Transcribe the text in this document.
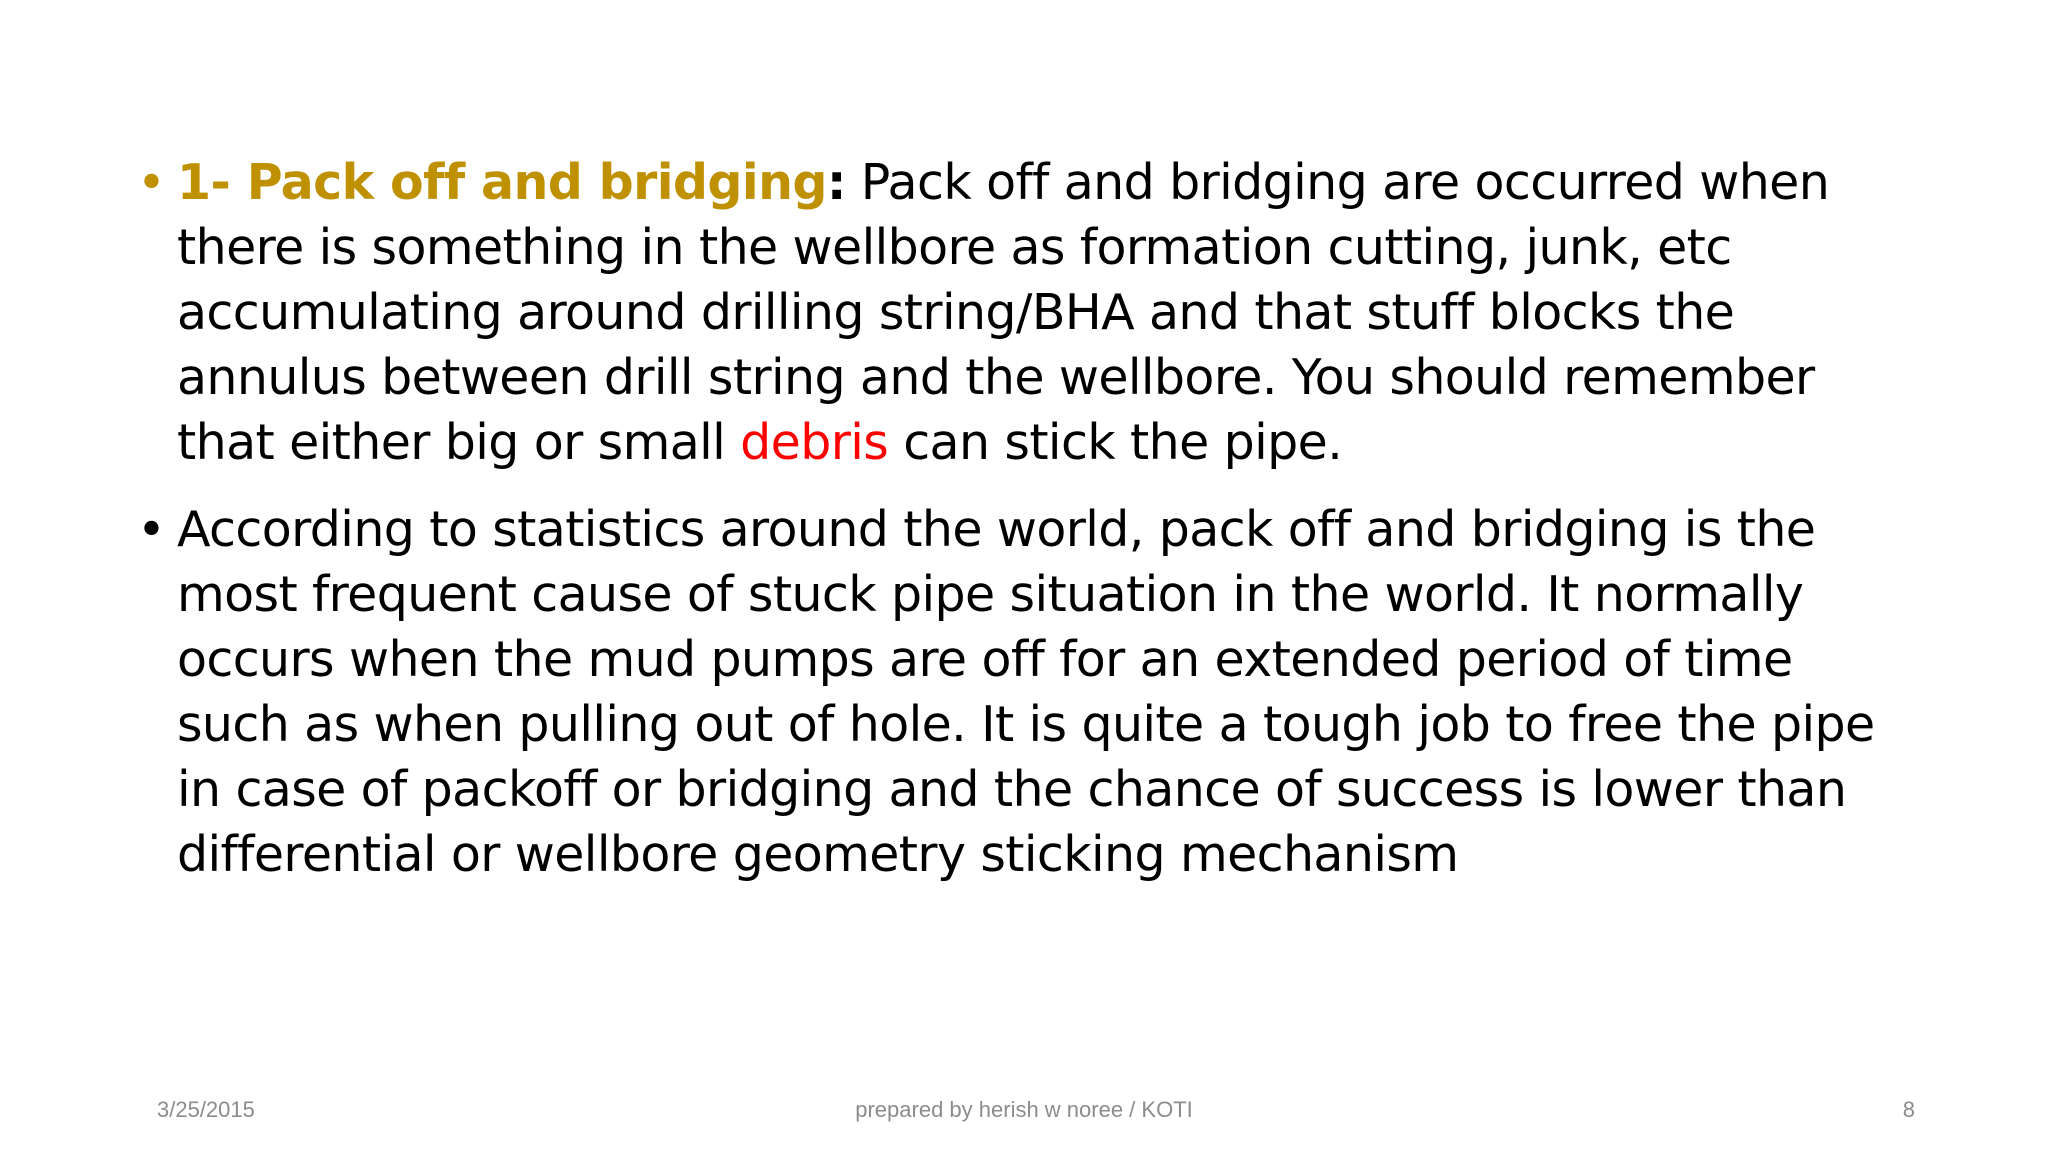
• 1- Pack off and bridging: Pack off and bridging are occurred when there is something in the wellbore as formation cutting, junk, etc accumulating around drilling string/BHA and that stuff blocks the annulus between drill string and the wellbore. You should remember that either big or small debris can stick the pipe.
• According to statistics around the world, pack off and bridging is the most frequent cause of stuck pipe situation in the world. It normally occurs when the mud pumps are off for an extended period of time such as when pulling out of hole. It is quite a tough job to free the pipe in case of packoff or bridging and the chance of success is lower than differential or wellbore geometry sticking mechanism
3/25/2015	prepared by herish w noree / KOTI	8
